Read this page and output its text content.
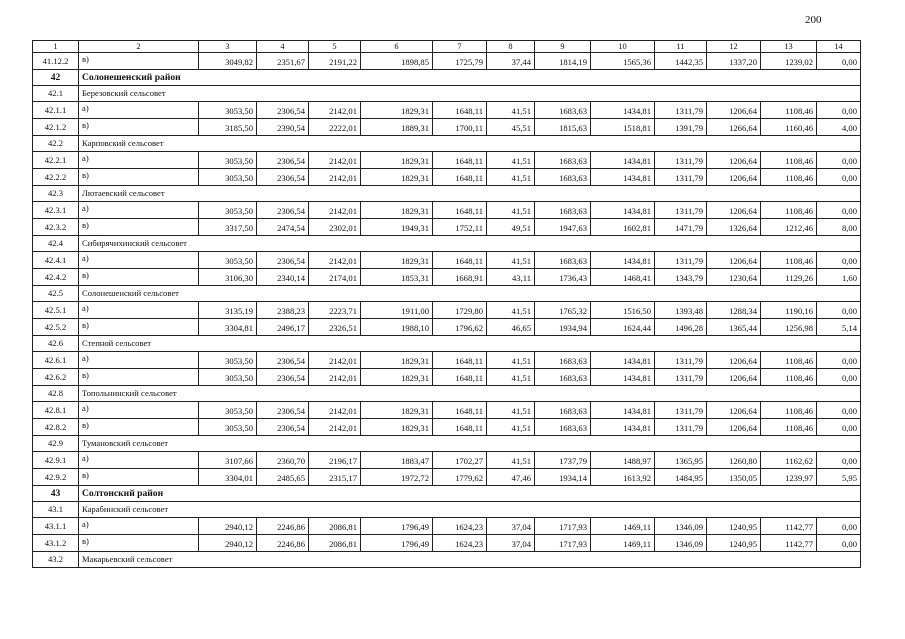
200
1	2	3	4	5	6	7	8	9	10	11	12	13	14
41.12.2	в)	3049,82	2351,67	2191,22	1898,85	1725,79	37,44	1814,19	1565,36	1442,35	1337,20	1239,02	0,00
42	Солонешенский район												
42.1	Березовский сельсовет												
42.1.1	а)	3053,50	2306,54	2142,01	1829,31	1648,11	41,51	1683,63	1434,81	1311,79	1206,64	1108,46	0,00
42.1.2	в)	3185,50	2390,54	2222,01	1889,31	1700,11	45,51	1815,63	1518,81	1391,79	1266,64	1160,46	4,00
42.2	Карповский сельсовет												
42.2.1	а)	3053,50	2306,54	2142,01	1829,31	1648,11	41,51	1683,63	1434,81	1311,79	1206,64	1108,46	0,00
42.2.2	в)	3053,50	2306,54	2142,01	1829,31	1648,11	41,51	1683,63	1434,81	1311,79	1206,64	1108,46	0,00
42.3	Лютаевский сельсовет												
42.3.1	а)	3053,50	2306,54	2142,01	1829,31	1648,11	41,51	1683,63	1434,81	1311,79	1206,64	1108,46	0,00
42.3.2	в)	3317,50	2474,54	2302,01	1949,31	1752,11	49,51	1947,63	1602,81	1471,79	1326,64	1212,46	8,00
42.4	Сибирячихинский сельсовет												
42.4.1	а)	3053,50	2306,54	2142,01	1829,31	1648,11	41,51	1683,63	1434,81	1311,79	1206,64	1108,46	0,00
42.4.2	в)	3106,30	2340,14	2174,01	1853,31	1668,91	43,11	1736,43	1468,41	1343,79	1230,64	1129,26	1,60
42.5	Солонешенский сельсовет												
42.5.1	а)	3135,19	2388,23	2223,71	1911,00	1729,80	41,51	1765,32	1516,50	1393,48	1288,34	1190,16	0,00
42.5.2	в)	3304,81	2496,17	2326,51	1988,10	1796,62	46,65	1934,94	1624,44	1496,28	1365,44	1256,98	5,14
42.6	Степной сельсовет												
42.6.1	а)	3053,50	2306,54	2142,01	1829,31	1648,11	41,51	1683,63	1434,81	1311,79	1206,64	1108,46	0,00
42.6.2	в)	3053,50	2306,54	2142,01	1829,31	1648,11	41,51	1683,63	1434,81	1311,79	1206,64	1108,46	0,00
42.8	Топольнинский сельсовет												
42.8.1	а)	3053,50	2306,54	2142,01	1829,31	1648,11	41,51	1683,63	1434,81	1311,79	1206,64	1108,46	0,00
42.8.2	в)	3053,50	2306,54	2142,01	1829,31	1648,11	41,51	1683,63	1434,81	1311,79	1206,64	1108,46	0,00
42.9	Тумановский сельсовет												
42.9.1	а)	3107,66	2360,70	2196,17	1883,47	1702,27	41,51	1737,79	1488,97	1365,95	1260,80	1162,62	0,00
42.9.2	в)	3304,01	2485,65	2315,17	1972,72	1779,62	47,46	1934,14	1613,92	1484,95	1350,05	1239,97	5,95
43	Солтонский район												
43.1	Карабинский сельсовет												
43.1.1	а)	2940,12	2246,86	2086,81	1796,49	1624,23	37,04	1717,93	1469,11	1346,09	1240,95	1142,77	0,00
43.1.2	в)	2940,12	2246,86	2086,81	1796,49	1624,23	37,04	1717,93	1469,11	1346,09	1240,95	1142,77	0,00
43.2	Макарьевский сельсовет												
